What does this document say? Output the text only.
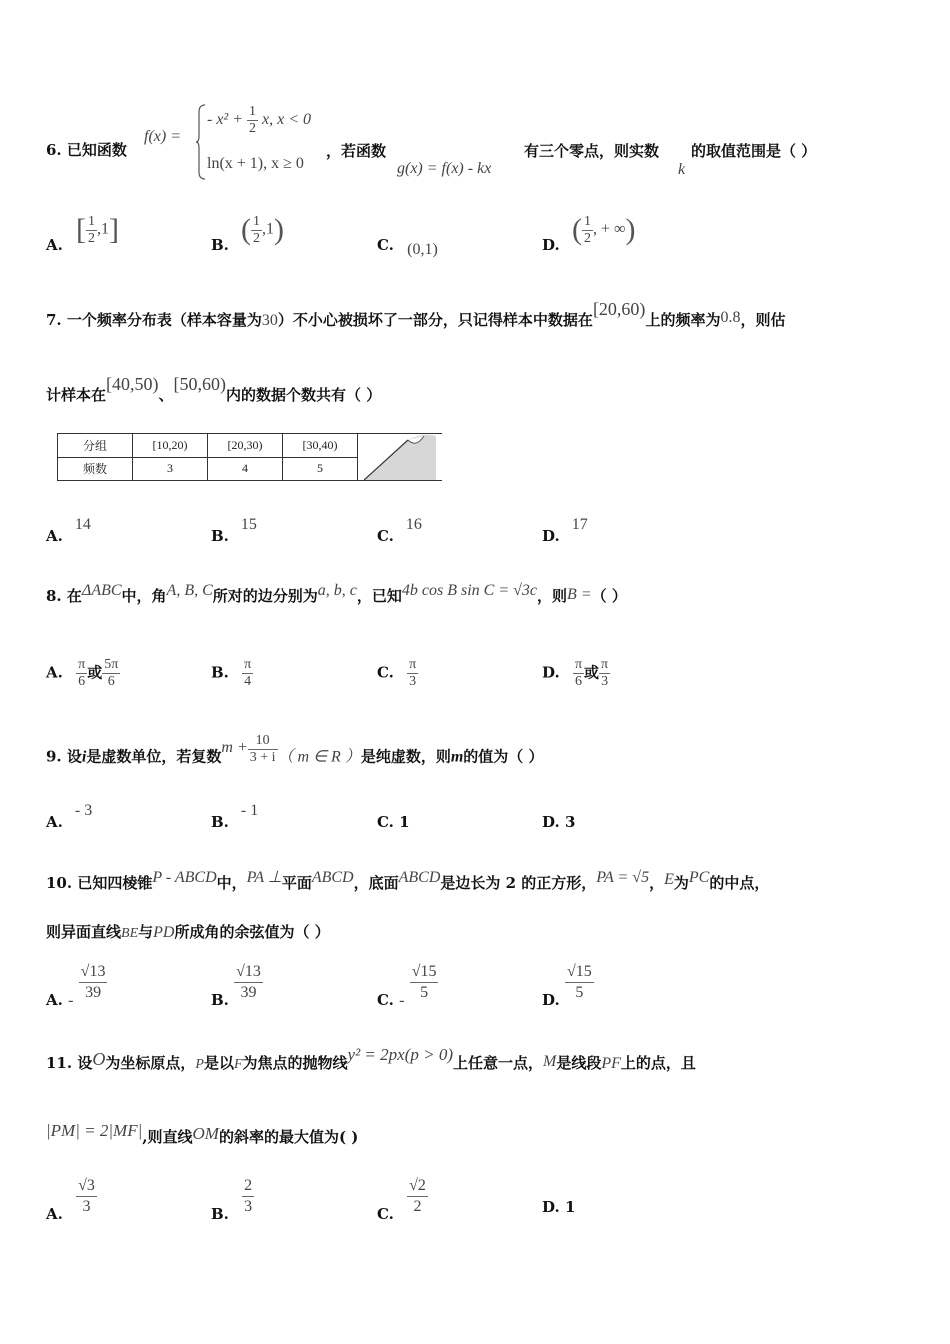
6. 已知函数
f(x) =
- $x^2 + \frac{1}{2} x$, x < 0
ln(x + 1), x ≥ 0
，若函数
g(x) = f(x) - kx
有三个零点，则实数
k
的取值范围是（ ）
A. [ $\frac{1}{2} ,1$]	B. ( $\frac{1}{2} ,1$)	C. (0,1)	D. ( $\frac{1}{2}$ , + ∞)
7. 一个频率分布表（样本容量为30）不小心被损坏了一部分，只记得样本中数据在[20,60)上的频率为0.8，则估
计样本在[40,50)、[50,60)内的数据个数共有（ ）
分组	[10,20)	[20,30)	[30,40)	

频数	3	4	5	
A.14
B.15
C.16
D.17
8. 在ΔABC中，角A, B, C所对的边分别为a, b, c，已知4b cos B sin C = √3c，则B =（ ）
A. $\frac{\pi}{6}$ 或 $\frac{5\pi}{6}$	B. $\frac{\pi}{4}$	C. $\frac{\pi}{3}$	D. $\frac{\pi}{6}$ 或 $\frac{\pi}{3}$
9. 设i是虚数单位，若复数$m + \frac{10}{3 + i}$ （ m ∈ R ）是纯虚数，则m的值为（ ）
A.- 3
B.- 1
C. 1	D. 3
10. 已知四棱锥P - ABCD中，PA ⊥平面ABCD，底面ABCD是边长为 2 的正方形，PA = √5，E为PC的中点，
则异面直线BE与PD所成角的余弦值为（ ）
A. - $\frac{√13}{39}$	B. $\frac{√13}{39}$	C. - $\frac{√15}{5}$	D. $\frac{√15}{5}$
11. 设O为坐标原点，P是以F为焦点的抛物线y² = 2px(p > 0)上任意一点，M是线段PF上的点，且
|PM| = 2|MF|,则直线OM的斜率的最大值为( )
A. $\frac{√3}{3}$	B. $\frac{2}{3}$	C. $\frac{√2}{2}$	D. 1
